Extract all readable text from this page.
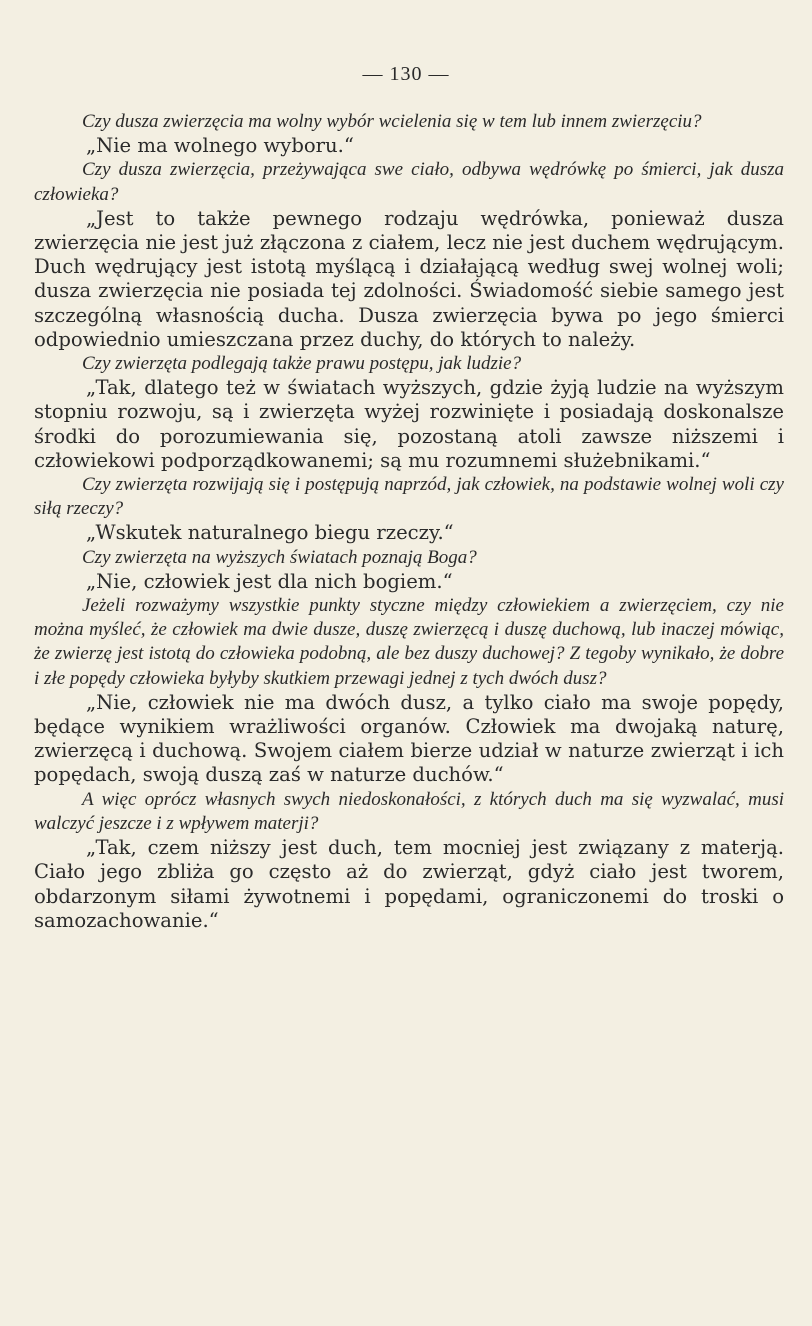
— 130 —

Czy dusza zwierzęcia ma wolny wybór wcielenia się w tem lub innem zwierzęciu?

„Nie ma wolnego wyboru.“

Czy dusza zwierzęcia, przeżywająca swe ciało, odbywa wędrówkę po śmierci, jak dusza człowieka?

„Jest to także pewnego rodzaju wędrówka, ponieważ dusza zwierzęcia nie jest już złączona z ciałem, lecz nie jest duchem wędrującym. Duch wędrujący jest istotą myślącą i działającą według swej wolnej woli; dusza zwierzęcia nie posiada tej zdolności. Świadomość siebie samego jest szczególną własnością ducha. Dusza zwierzęcia bywa po jego śmierci odpowiednio umieszczana przez duchy, do których to należy.

Czy zwierzęta podlegają także prawu postępu, jak ludzie?

„Tak, dlatego też w światach wyższych, gdzie żyją ludzie na wyższym stopniu rozwoju, są i zwierzęta wyżej rozwinięte i posiadają doskonalsze środki do porozumiewania się, pozostaną atoli zawsze niższemi i człowiekowi podporządkowanemi; są mu rozumnemi służebnikami.“

Czy zwierzęta rozwijają się i postępują naprzód, jak człowiek, na podstawie wolnej woli czy siłą rzeczy?

„Wskutek naturalnego biegu rzeczy.“

Czy zwierzęta na wyższych światach poznają Boga?

„Nie, człowiek jest dla nich bogiem.“

Jeżeli rozważymy wszystkie punkty styczne między człowiekiem a zwierzęciem, czy nie można myśleć, że człowiek ma dwie dusze, duszę zwierzęcą i duszę duchową, lub inaczej mówiąc, że zwierzę jest istotą do człowieka podobną, ale bez duszy duchowej? Z tegoby wynikało, że dobre i złe popędy człowieka byłyby skutkiem przewagi jednej z tych dwóch dusz?

„Nie, człowiek nie ma dwóch dusz, a tylko ciało ma swoje popędy, będące wynikiem wrażliwości organów. Człowiek ma dwojaką naturę, zwierzęcą i duchową. Swojem ciałem bierze udział w naturze zwierząt i ich popędach, swoją duszą zaś w naturze duchów.“

A więc oprócz własnych swych niedoskonałości, z których duch ma się wyzwalać, musi walczyć jeszcze i z wpływem materji?

„Tak, czem niższy jest duch, tem mocniej jest związany z materją. Ciało jego zbliża go często aż do zwierząt, gdyż ciało jest tworem, obdarzonym siłami żywotnemi i popędami, ograniczonemi do troski o samozachowanie.“
